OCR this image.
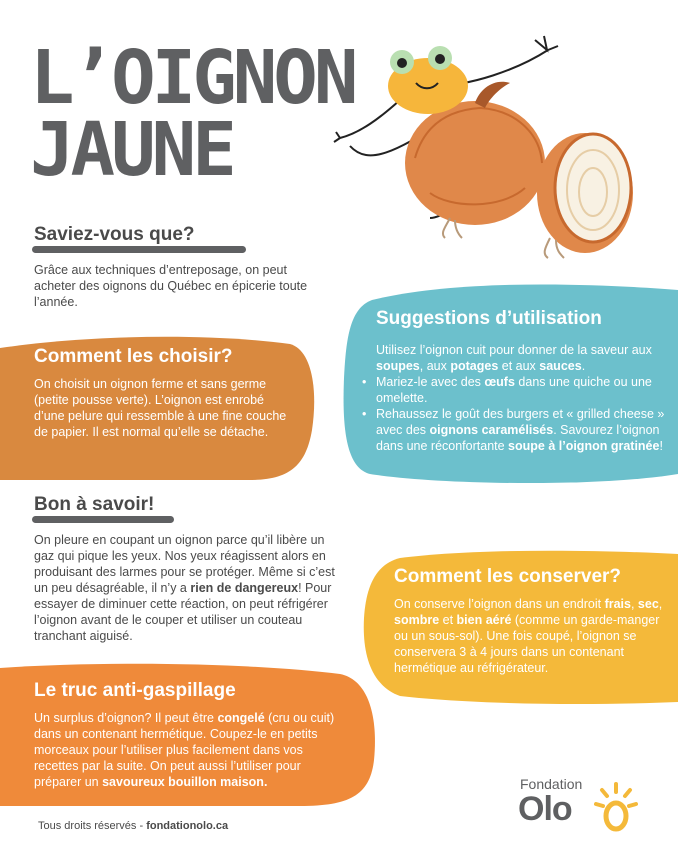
L’OIGNON
JAUNE
Saviez-vous que?
Grâce aux techniques d’entreposage, on peut acheter des oignons du Québec en épicerie toute l’année.
Comment les choisir?
On choisit un oignon ferme et sans germe (petite pousse verte). L’oignon est enrobé d’une pelure qui ressemble à une fine couche de papier. Il est normal qu’elle se détache.
Suggestions d’utilisation
Utilisez l’oignon cuit pour donner de la saveur aux soupes, aux potages et aux sauces.
• Mariez-le avec des œufs dans une quiche ou une omelette.
• Rehaussez le goût des burgers et « grilled cheese » avec des oignons caramélisés. Savourez l’oignon dans une réconfortante soupe à l’oignon gratinée!
Bon à savoir!
On pleure en coupant un oignon parce qu’il libère un gaz qui pique les yeux. Nos yeux réagissent alors en produisant des larmes pour se protéger. Même si c’est un peu désagréable, il n’y a rien de dangereux! Pour essayer de diminuer cette réaction, on peut réfrigérer l’oignon avant de le couper et utiliser un couteau tranchant aiguisé.
Comment les conserver?
On conserve l’oignon dans un endroit frais, sec, sombre et bien aéré (comme un garde-manger ou un sous-sol). Une fois coupé, l’oignon se conservera 3 à 4 jours dans un contenant hermétique au réfrigérateur.
Le truc anti-gaspillage
Un surplus d’oignon? Il peut être congelé (cru ou cuit) dans un contenant hermétique. Coupez-le en petits morceaux pour l’utiliser plus facilement dans vos recettes par la suite. On peut aussi l’utiliser pour préparer un savoureux bouillon maison.
Tous droits réservés - fondationolo.ca
Fondation
Olo
